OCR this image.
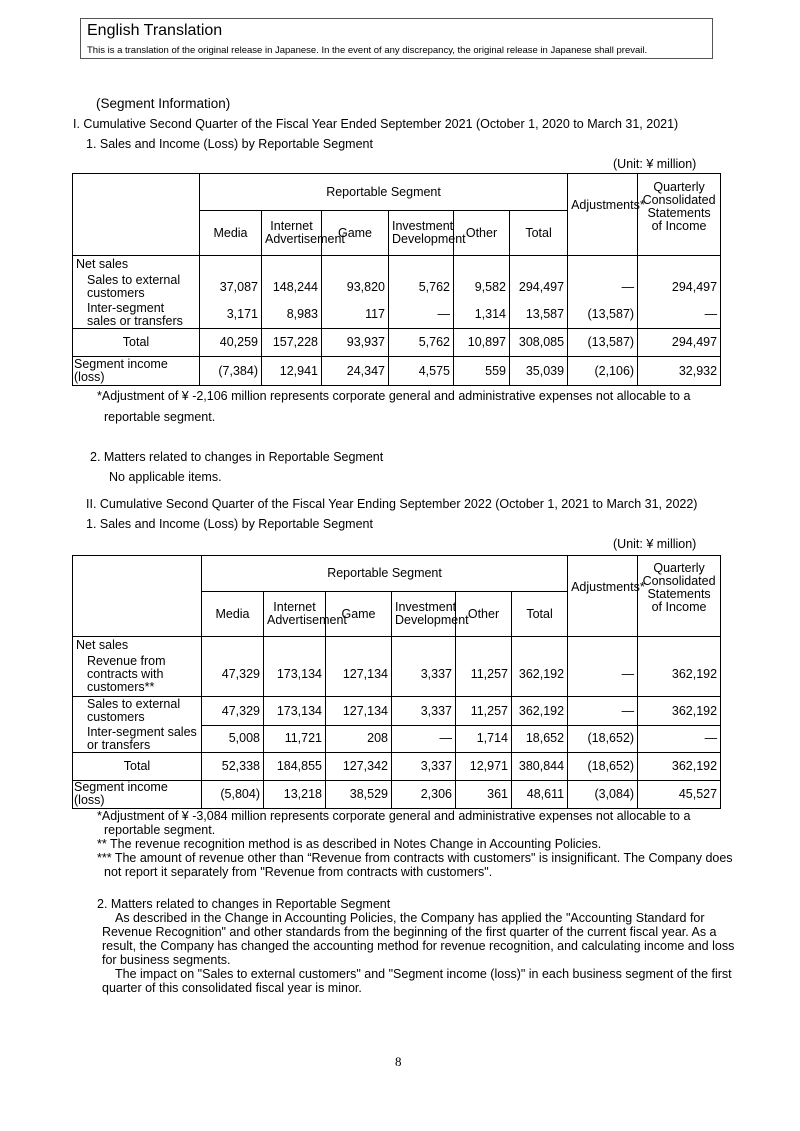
English Translation
This is a translation of the original release in Japanese. In the event of any discrepancy, the original release in Japanese shall prevail.
(Segment Information)
I. Cumulative Second Quarter of the Fiscal Year Ended September 2021 (October 1, 2020 to March 31, 2021)
1. Sales and Income (Loss) by Reportable Segment
(Unit: ¥ million)
	Reportable Segment						Adjustments*	Quarterly Consolidated Statements of Income
	Media	Internet Advertisement	Game	Investment Development	Other	Total		
Net sales								
Sales to external customers	37,087	148,244	93,820	5,762	9,582	294,497	—	294,497
Inter-segment sales or transfers	3,171	8,983	117	—	1,314	13,587	(13,587)	—
Total	40,259	157,228	93,937	5,762	10,897	308,085	(13,587)	294,497
Segment income (loss)	(7,384)	12,941	24,347	4,575	559	35,039	(2,106)	32,932
*Adjustment of ¥ -2,106 million represents corporate general and administrative expenses not allocable to a
reportable segment.
2. Matters related to changes in Reportable Segment
No applicable items.
II. Cumulative Second Quarter of the Fiscal Year Ending September 2022 (October 1, 2021 to March 31, 2022)
1. Sales and Income (Loss) by Reportable Segment
(Unit: ¥ million)
	Reportable Segment						Adjustments*	Quarterly Consolidated Statements of Income
	Media	Internet Advertisement	Game	Investment Development	Other	Total		
Net sales								
Revenue from contracts with customers**	47,329	173,134	127,134	3,337	11,257	362,192	—	362,192
Sales to external customers	47,329	173,134	127,134	3,337	11,257	362,192	—	362,192
Inter-segment sales or transfers	5,008	11,721	208	—	1,714	18,652	(18,652)	—
Total	52,338	184,855	127,342	3,337	12,971	380,844	(18,652)	362,192
Segment income (loss)	(5,804)	13,218	38,529	2,306	361	48,611	(3,084)	45,527
*Adjustment of ¥ -3,084 million represents corporate general and administrative expenses not allocable to a
reportable segment.
** The revenue recognition method is as described in Notes Change in Accounting Policies.
*** The amount of revenue other than “Revenue from contracts with customers" is insignificant. The Company does
not report it separately from "Revenue from contracts with customers".
2. Matters related to changes in Reportable Segment
As described in the Change in Accounting Policies, the Company has applied the "Accounting Standard for
Revenue Recognition" and other standards from the beginning of the first quarter of the current fiscal year. As a
result, the Company has changed the accounting method for revenue recognition, and calculating income and loss
for business segments.
The impact on "Sales to external customers" and "Segment income (loss)" in each business segment of the first
quarter of this consolidated fiscal year is minor.
8
